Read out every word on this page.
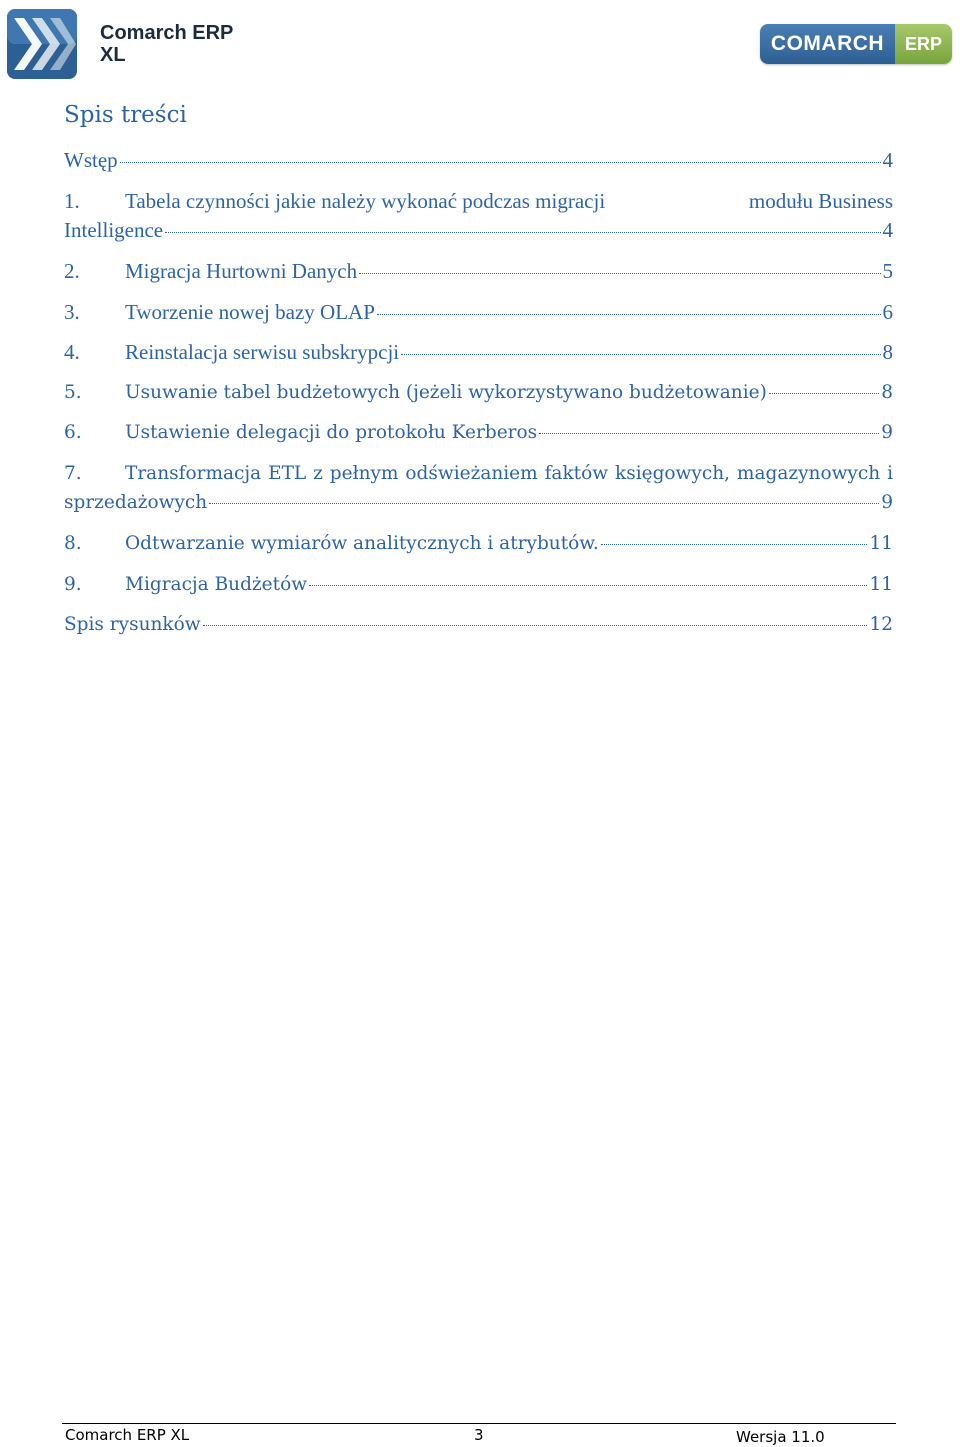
Comarch ERP
XL	COMARCH	ERP
Spis treści
Wstęp	4
1.	Tabela czynności jakie należy wykonać podczas migracji	modułu Business
Intelligence	4
2.	Migracja Hurtowni Danych	5
3.	Tworzenie nowej bazy OLAP	6
4.	Reinstalacja serwisu subskrypcji	8
5.	Usuwanie tabel budżetowych (jeżeli wykorzystywano budżetowanie)	8
6.	Ustawienie delegacji do protokołu Kerberos	9
7.	Transformacja ETL z pełnym odświeżaniem faktów księgowych, magazynowych i
sprzedażowych	9
8.	Odtwarzanie wymiarów analitycznych i atrybutów.	11
9.	Migracja Budżetów	11
Spis rysunków	12
Comarch ERP XL	3	Wersja 11.0
